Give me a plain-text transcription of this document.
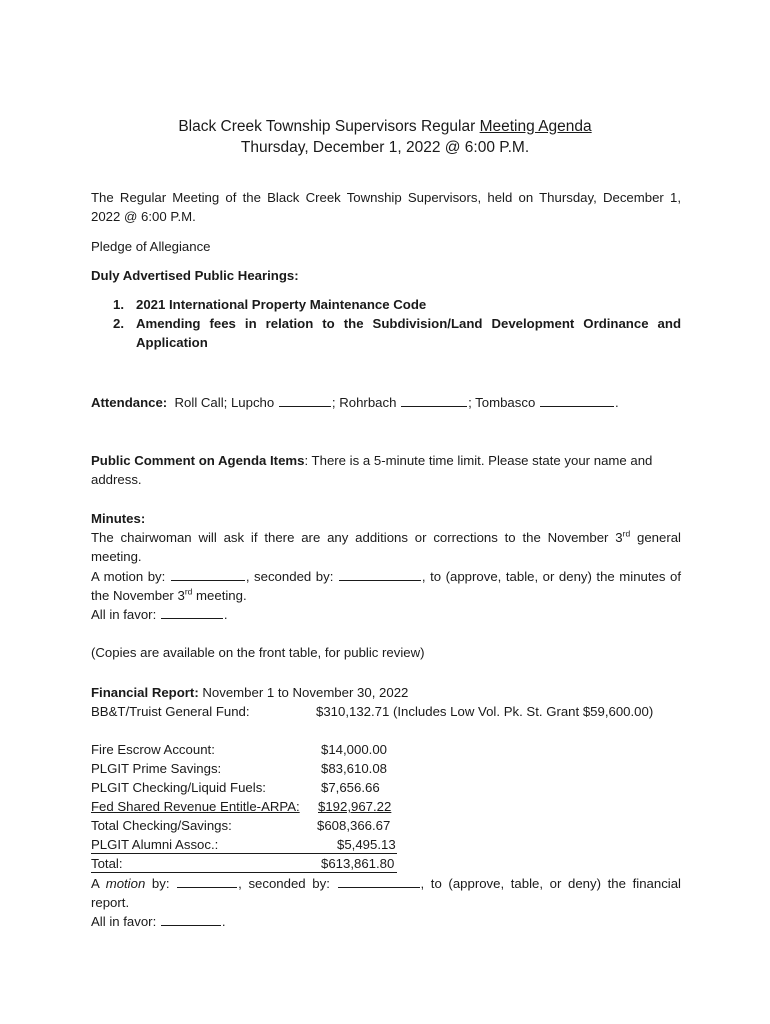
Black Creek Township Supervisors Regular Meeting Agenda
Thursday, December 1, 2022 @ 6:00 P.M.
The Regular Meeting of the Black Creek Township Supervisors, held on Thursday, December 1, 2022 @ 6:00 P.M.
Pledge of Allegiance
Duly Advertised Public Hearings:
1. 2021 International Property Maintenance Code
2. Amending fees in relation to the Subdivision/Land Development Ordinance and Application
Attendance: Roll Call; Lupcho	; Rohrbach	; Tombasco	.
Public Comment on Agenda Items: There is a 5-minute time limit. Please state your name and address.
Minutes:
The chairwoman will ask if there are any additions or corrections to the November 3rd general meeting.
A motion by:	, seconded by:	, to (approve, table, or deny) the minutes of the November 3rd meeting.
All in favor:	.
(Copies are available on the front table, for public review)
Financial Report: November 1 to November 30, 2022
BB&T/Truist General Fund:	$310,132.71 (Includes Low Vol. Pk. St. Grant $59,600.00)
Fire Escrow Account:	$14,000.00
PLGIT Prime Savings:	$83,610.08
PLGIT Checking/Liquid Fuels:	$7,656.66
Fed Shared Revenue Entitle-ARPA: $192,967.22
Total Checking/Savings:	$608,366.67
PLGIT Alumni Assoc.:	$5,495.13
Total:	$613,861.80
A motion by:	, seconded by:	, to (approve, table, or deny) the financial report.
All in favor:	.
